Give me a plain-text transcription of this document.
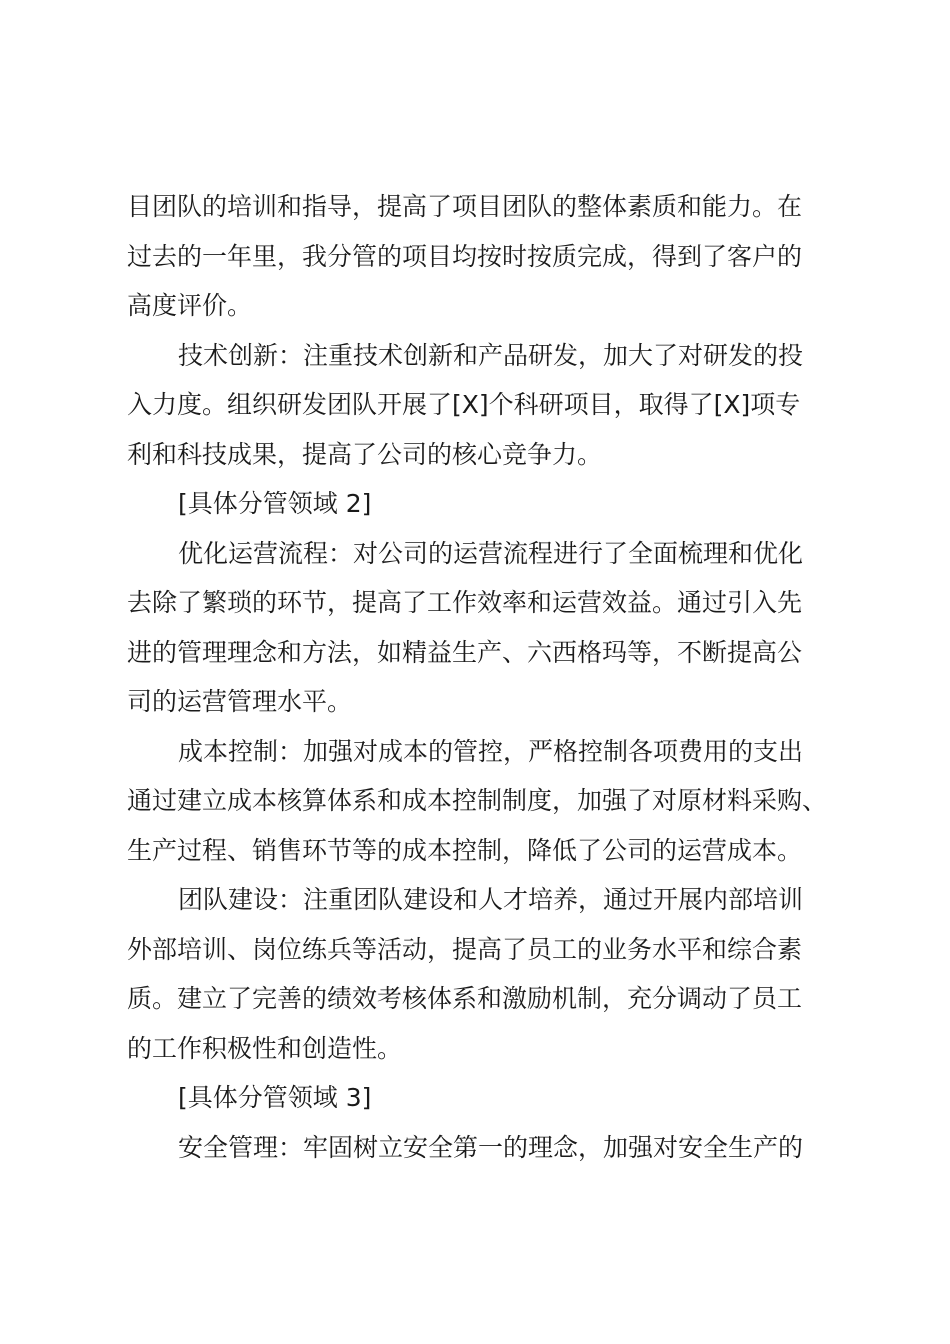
目团队的培训和指导，提高了项目团队的整体素质和能力。在
过去的一年里，我分管的项目均按时按质完成，得到了客户的
高度评价。
技术创新：注重技术创新和产品研发，加大了对研发的投
入力度。组织研发团队开展了[X]个科研项目，取得了[X]项专
利和科技成果，提高了公司的核心竞争力。
[具体分管领域 2]
优化运营流程：对公司的运营流程进行了全面梳理和优化
去除了繁琐的环节，提高了工作效率和运营效益。通过引入先
进的管理理念和方法，如精益生产、六西格玛等，不断提高公
司的运营管理水平。
成本控制：加强对成本的管控，严格控制各项费用的支出
通过建立成本核算体系和成本控制制度，加强了对原材料采购、
生产过程、销售环节等的成本控制，降低了公司的运营成本。
团队建设：注重团队建设和人才培养，通过开展内部培训
外部培训、岗位练兵等活动，提高了员工的业务水平和综合素
质。建立了完善的绩效考核体系和激励机制，充分调动了员工
的工作积极性和创造性。
[具体分管领域 3]
安全管理：牢固树立安全第一的理念，加强对安全生产的
